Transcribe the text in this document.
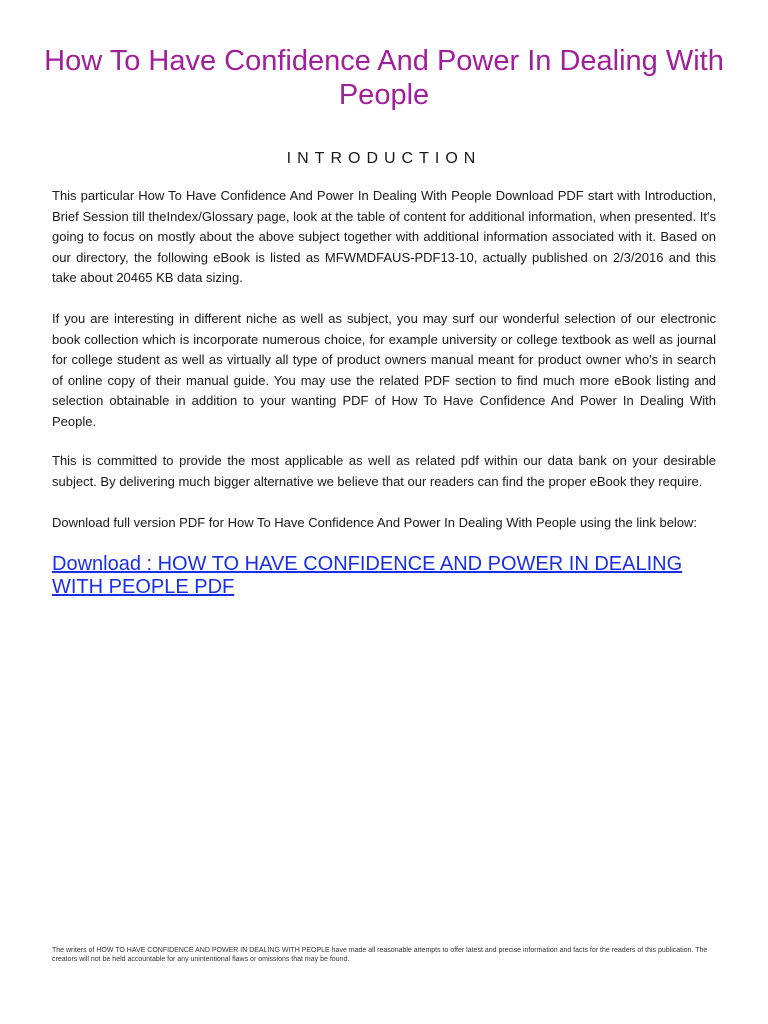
How To Have Confidence And Power In Dealing With People
INTRODUCTION

This particular How To Have Confidence And Power In Dealing With People Download PDF start with Introduction, Brief Session till theIndex/Glossary page, look at the table of content for additional information, when presented. It's going to focus on mostly about the above subject together with additional information associated with it. Based on our directory, the following eBook is listed as MFWMDFAUS-PDF13-10, actually published on 2/3/2016 and this take about 20465 KB data sizing.

If you are interesting in different niche as well as subject, you may surf our wonderful selection of our electronic book collection which is incorporate numerous choice, for example university or college textbook as well as journal for college student as well as virtually all type of product owners manual meant for product owner who's in search of online copy of their manual guide. You may use the related PDF section to find much more eBook listing and selection obtainable in addition to your wanting PDF of How To Have Confidence And Power In Dealing With People.

This is committed to provide the most applicable as well as related pdf within our data bank on your desirable subject. By delivering much bigger alternative we believe that our readers can find the proper eBook they require.

Download full version PDF for How To Have Confidence And Power In Dealing With People using the link below:

Download : HOW TO HAVE CONFIDENCE AND POWER IN DEALING WITH PEOPLE PDF

The writers of HOW TO HAVE CONFIDENCE AND POWER IN DEALING WITH PEOPLE have made all reasonable attempts to offer latest and precise information and facts for the readers of this publication. The creators will not be held accountable for any unintentional flaws or omissions that may be found.
